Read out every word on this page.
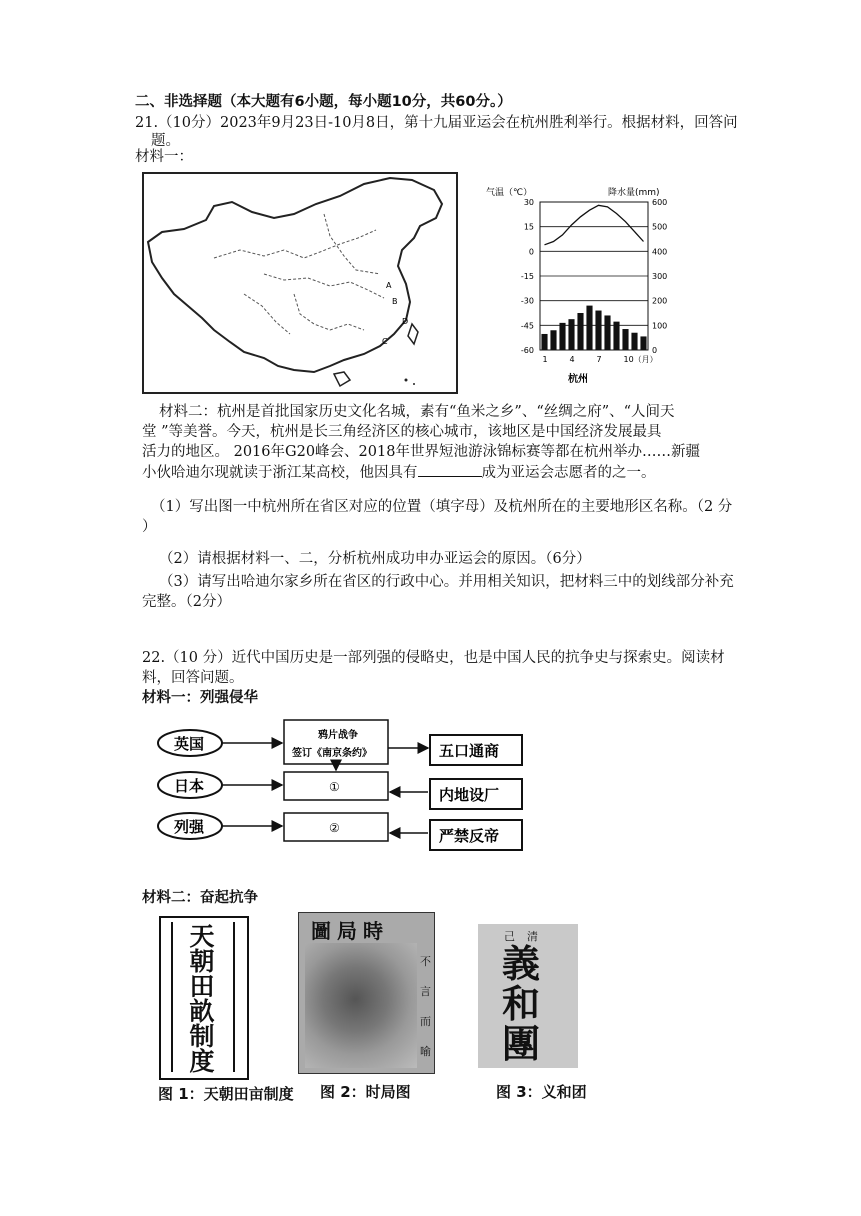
二、非选择题（本大题有6小题，每小题10分，共60分。）
21.（10分）2023年9月23日-10月8日，第十九届亚运会在杭州胜利举行。根据材料，回答问
题。
材料一：
A
B
C
D
气温（℃）	降水量(mm)
30
15
0
-15
-30
-45
-60
600
500
400
300
200
100
0
1	4	7	10（月）
杭州
材料二：杭州是首批国家历史文化名城，素有“鱼米之乡”、“丝绸之府”、“人间天
堂 ”等美誉。今天，杭州是长三角经济区的核心城市，该地区是中国经济发展最具
活力的地区。 2016年G20峰会、2018年世界短池游泳锦标赛等都在杭州举办……新疆
小伙哈迪尔现就读于浙江某高校，他因具有	成为亚运会志愿者的之一。
（1）写出图一中杭州所在省区对应的位置（填字母）及杭州所在的主要地形区名称。（2 分
）
（2）请根据材料一、二，分析杭州成功申办亚运会的原因。（6分）
（3）请写出哈迪尔家乡所在省区的行政中心。并用相关知识，把材料三中的划线部分补充
完整。（2分）
22.（10 分）近代中国历史是一部列强的侵略史，也是中国人民的抗争史与探索史。阅读材
料，回答问题。
材料一：列强侵华
英国
日本
列强
鸦片战争
签订《南京条约》
①
②
五口通商
内地设厂
严禁反帝
材料二：奋起抗争
天
朝
田
畝
制
度
圖局時
不
言
而
喻
己清
義
和
團
图 1：天朝田亩制度 图 2：时局图	图 3：义和团
